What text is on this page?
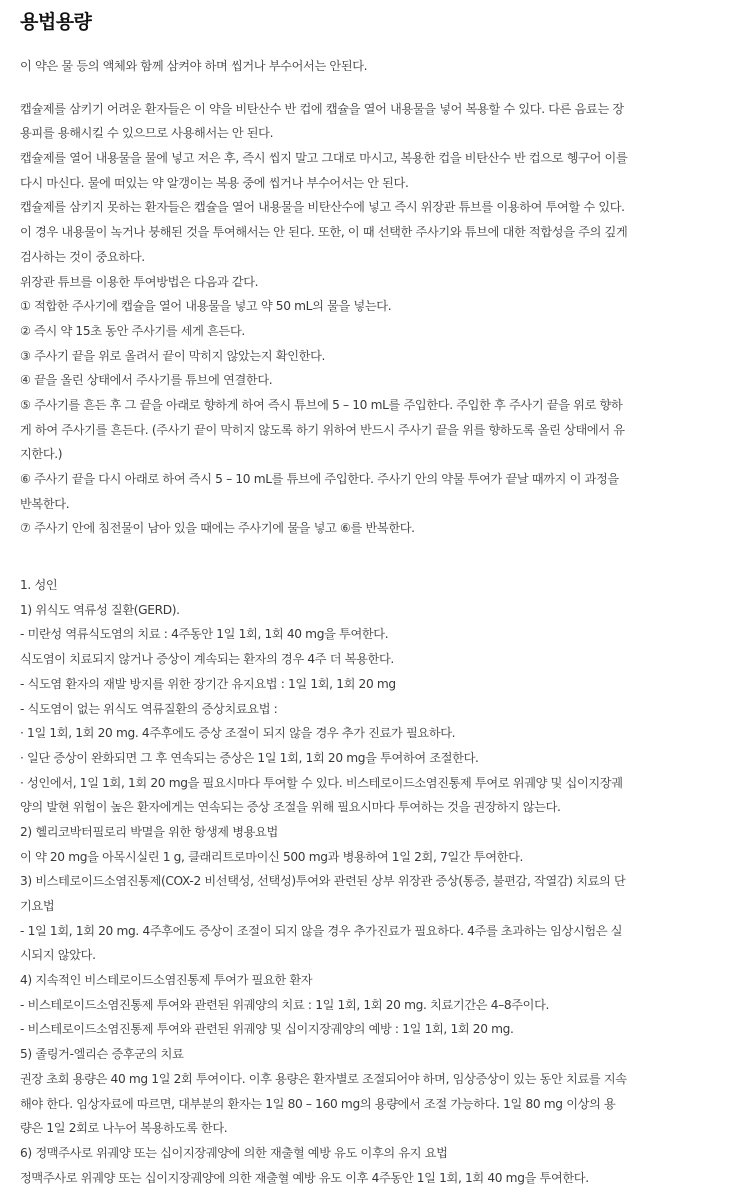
용법용량
이 약은 물 등의 액체와 함께 삼켜야 하며 씹거나 부수어서는 안된다.
캡슐제를 삼키기 어려운 환자들은 이 약을 비탄산수 반 컵에 캡슐을 열어 내용물을 넣어 복용할 수 있다. 다른 음료는 장
용피를 용해시킬 수 있으므로 사용해서는 안 된다.
캡슐제를 열어 내용물을 물에 넣고 저은 후, 즉시 씹지 말고 그대로 마시고, 복용한 컵을 비탄산수 반 컵으로 헹구어 이를
다시 마신다. 물에 떠있는 약 알갱이는 복용 중에 씹거나 부수어서는 안 된다.
캡슐제를 삼키지 못하는 환자들은 캡슐을 열어 내용물을 비탄산수에 넣고 즉시 위장관 튜브를 이용하여 투여할 수 있다.
이 경우 내용물이 녹거나 붕해된 것을 투여해서는 안 된다. 또한, 이 때 선택한 주사기와 튜브에 대한 적합성을 주의 깊게
검사하는 것이 중요하다.
위장관 튜브를 이용한 투여방법은 다음과 같다.
① 적합한 주사기에 캡슐을 열어 내용물을 넣고 약 50 mL의 물을 넣는다.
② 즉시 약 15초 동안 주사기를 세게 흔든다.
③ 주사기 끝을 위로 올려서 끝이 막히지 않았는지 확인한다.
④ 끝을 올린 상태에서 주사기를 튜브에 연결한다.
⑤ 주사기를 흔든 후 그 끝을 아래로 향하게 하여 즉시 튜브에 5 – 10 mL를 주입한다. 주입한 후 주사기 끝을 위로 향하
게 하여 주사기를 흔든다. (주사기 끝이 막히지 않도록 하기 위하여 반드시 주사기 끝을 위를 향하도록 올린 상태에서 유
지한다.)
⑥ 주사기 끝을 다시 아래로 하여 즉시 5 – 10 mL를 튜브에 주입한다. 주사기 안의 약물 투여가 끝날 때까지 이 과정을
반복한다.
⑦ 주사기 안에 침전물이 남아 있을 때에는 주사기에 물을 넣고 ⑥를 반복한다.
1. 성인
1) 위식도 역류성 질환(GERD).
- 미란성 역류식도염의 치료 : 4주동안 1일 1회, 1회 40 mg을 투여한다.
식도염이 치료되지 않거나 증상이 계속되는 환자의 경우 4주 더 복용한다.
- 식도염 환자의 재발 방지를 위한 장기간 유지요법 : 1일 1회, 1회 20 mg
- 식도염이 없는 위식도 역류질환의 증상치료요법 :
· 1일 1회, 1회 20 mg. 4주후에도 증상 조절이 되지 않을 경우 추가 진료가 필요하다.
· 일단 증상이 완화되면 그 후 연속되는 증상은 1일 1회, 1회 20 mg을 투여하여 조절한다.
· 성인에서, 1일 1회, 1회 20 mg을 필요시마다 투여할 수 있다. 비스테로이드소염진통제 투여로 위궤양 및 십이지장궤
양의 발현 위험이 높은 환자에게는 연속되는 증상 조절을 위해 필요시마다 투여하는 것을 권장하지 않는다.
2) 헬리코박터필로리 박멸을 위한 항생제 병용요법
이 약 20 mg을 아목시실린 1 g, 클래리트로마이신 500 mg과 병용하여 1일 2회, 7일간 투여한다.
3) 비스테로이드소염진통제(COX-2 비선택성, 선택성)투여와 관련된 상부 위장관 증상(통증, 불편감, 작열감) 치료의 단
기요법
- 1일 1회, 1회 20 mg. 4주후에도 증상이 조절이 되지 않을 경우 추가진료가 필요하다. 4주를 초과하는 임상시험은 실
시되지 않았다.
4) 지속적인 비스테로이드소염진통제 투여가 필요한 환자
- 비스테로이드소염진통제 투여와 관련된 위궤양의 치료 : 1일 1회, 1회 20 mg. 치료기간은 4–8주이다.
- 비스테로이드소염진통제 투여와 관련된 위궤양 및 십이지장궤양의 예방 : 1일 1회, 1회 20 mg.
5) 졸링거-엘리슨 증후군의 치료
권장 초회 용량은 40 mg 1일 2회 투여이다. 이후 용량은 환자별로 조절되어야 하며, 임상증상이 있는 동안 치료를 지속
해야 한다. 임상자료에 따르면, 대부분의 환자는 1일 80 – 160 mg의 용량에서 조절 가능하다. 1일 80 mg 이상의 용
량은 1일 2회로 나누어 복용하도록 한다.
6) 정맥주사로 위궤양 또는 십이지장궤양에 의한 재출혈 예방 유도 이후의 유지 요법
정맥주사로 위궤양 또는 십이지장궤양에 의한 재출혈 예방 유도 이후 4주동안 1일 1회, 1회 40 mg을 투여한다.
